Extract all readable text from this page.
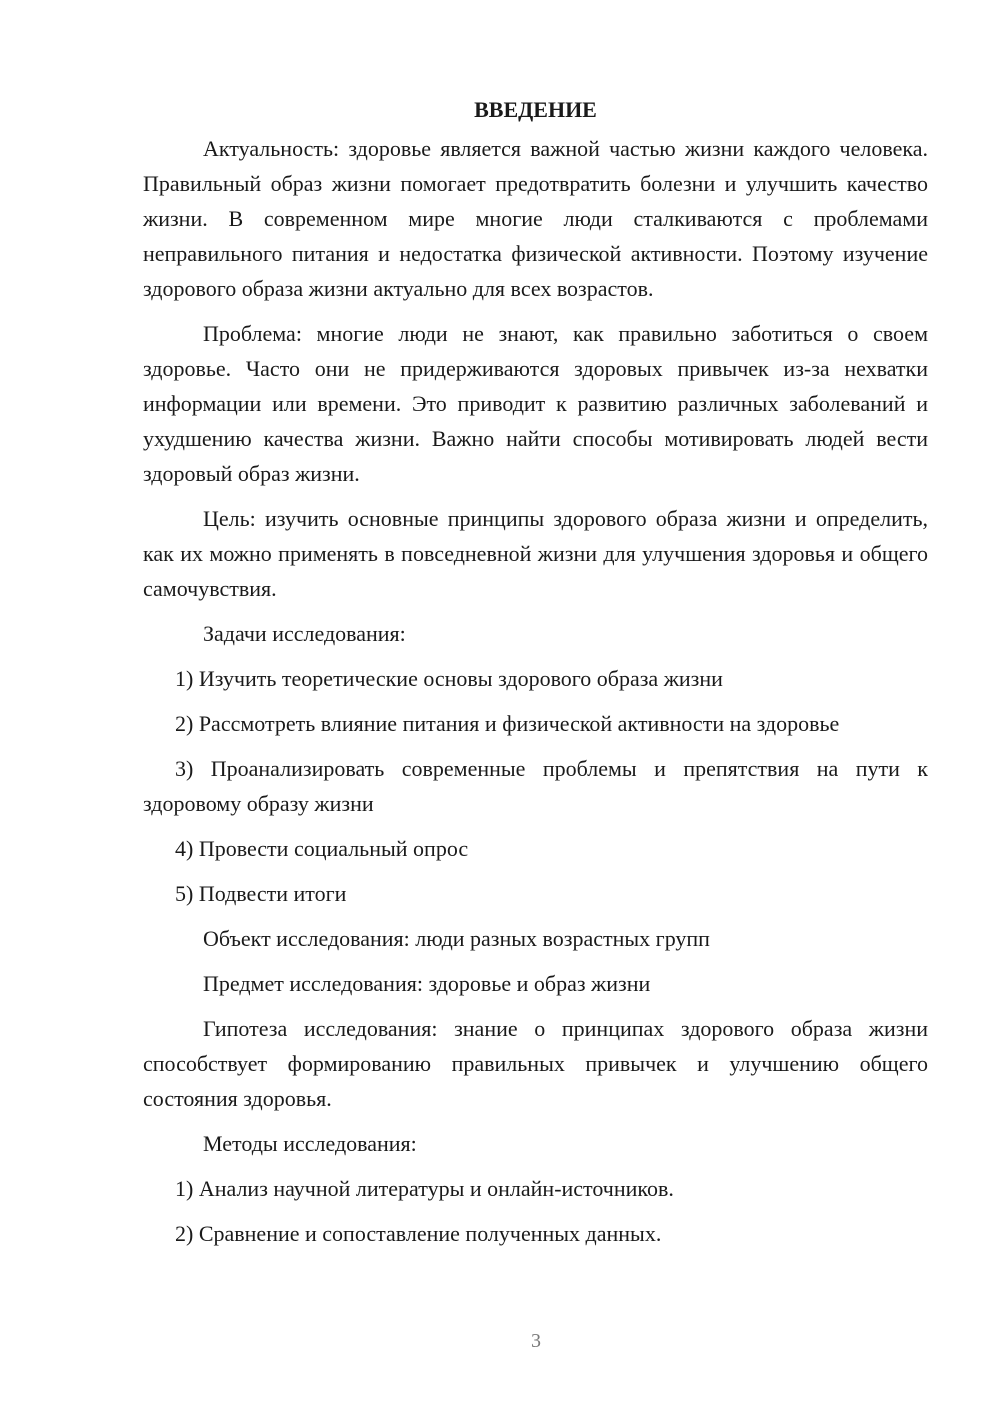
ВВЕДЕНИЕ

Актуальность: здоровье является важной частью жизни каждого человека. Правильный образ жизни помогает предотвратить болезни и улучшить качество жизни. В современном мире многие люди сталкиваются с проблемами неправильного питания и недостатка физической активности. Поэтому изучение здорового образа жизни актуально для всех возрастов.

Проблема: многие люди не знают, как правильно заботиться о своем здоровье. Часто они не придерживаются здоровых привычек из-за нехватки информации или времени. Это приводит к развитию различных заболеваний и ухудшению качества жизни. Важно найти способы мотивировать людей вести здоровый образ жизни.

Цель: изучить основные принципы здорового образа жизни и определить, как их можно применять в повседневной жизни для улучшения здоровья и общего самочувствия.

Задачи исследования:

1) Изучить теоретические основы здорового образа жизни

2) Рассмотреть влияние питания и физической активности на здоровье

3) Проанализировать современные проблемы и препятствия на пути к здоровому образу жизни

4) Провести социальный опрос

5) Подвести итоги

Объект исследования: люди разных возрастных групп

Предмет исследования: здоровье и образ жизни

Гипотеза исследования: знание о принципах здорового образа жизни способствует формированию правильных привычек и улучшению общего состояния здоровья.

Методы исследования:

1) Анализ научной литературы и онлайн-источников.

2) Сравнение и сопоставление полученных данных.

3
